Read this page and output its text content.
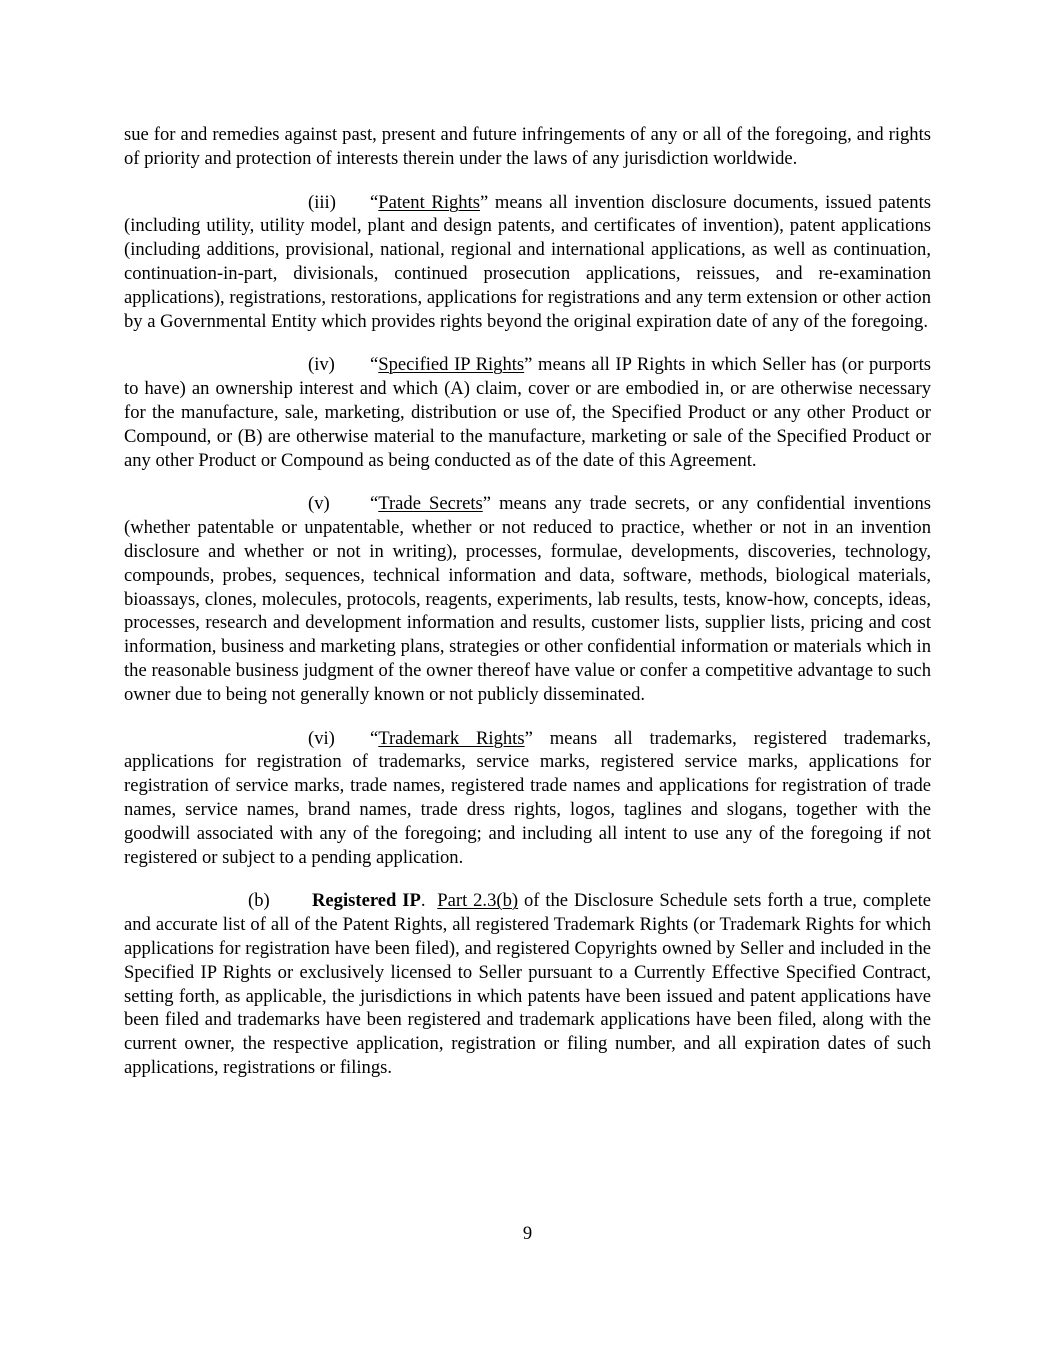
sue for and remedies against past, present and future infringements of any or all of the foregoing, and rights of priority and protection of interests therein under the laws of any jurisdiction worldwide.

(iii) “Patent Rights” means all invention disclosure documents, issued patents (including utility, utility model, plant and design patents, and certificates of invention), patent applications (including additions, provisional, national, regional and international applications, as well as continuation, continuation-in-part, divisionals, continued prosecution applications, reissues, and re-examination applications), registrations, restorations, applications for registrations and any term extension or other action by a Governmental Entity which provides rights beyond the original expiration date of any of the foregoing.

(iv) “Specified IP Rights” means all IP Rights in which Seller has (or purports to have) an ownership interest and which (A) claim, cover or are embodied in, or are otherwise necessary for the manufacture, sale, marketing, distribution or use of, the Specified Product or any other Product or Compound, or (B) are otherwise material to the manufacture, marketing or sale of the Specified Product or any other Product or Compound as being conducted as of the date of this Agreement.

(v) “Trade Secrets” means any trade secrets, or any confidential inventions (whether patentable or unpatentable, whether or not reduced to practice, whether or not in an invention disclosure and whether or not in writing), processes, formulae, developments, discoveries, technology, compounds, probes, sequences, technical information and data, software, methods, biological materials, bioassays, clones, molecules, protocols, reagents, experiments, lab results, tests, know-how, concepts, ideas, processes, research and development information and results, customer lists, supplier lists, pricing and cost information, business and marketing plans, strategies or other confidential information or materials which in the reasonable business judgment of the owner thereof have value or confer a competitive advantage to such owner due to being not generally known or not publicly disseminated.

(vi) “Trademark Rights” means all trademarks, registered trademarks, applications for registration of trademarks, service marks, registered service marks, applications for registration of service marks, trade names, registered trade names and applications for registration of trade names, service names, brand names, trade dress rights, logos, taglines and slogans, together with the goodwill associated with any of the foregoing; and including all intent to use any of the foregoing if not registered or subject to a pending application.

(b) Registered IP. Part 2.3(b) of the Disclosure Schedule sets forth a true, complete and accurate list of all of the Patent Rights, all registered Trademark Rights (or Trademark Rights for which applications for registration have been filed), and registered Copyrights owned by Seller and included in the Specified IP Rights or exclusively licensed to Seller pursuant to a Currently Effective Specified Contract, setting forth, as applicable, the jurisdictions in which patents have been issued and patent applications have been filed and trademarks have been registered and trademark applications have been filed, along with the current owner, the respective application, registration or filing number, and all expiration dates of such applications, registrations or filings.

9
